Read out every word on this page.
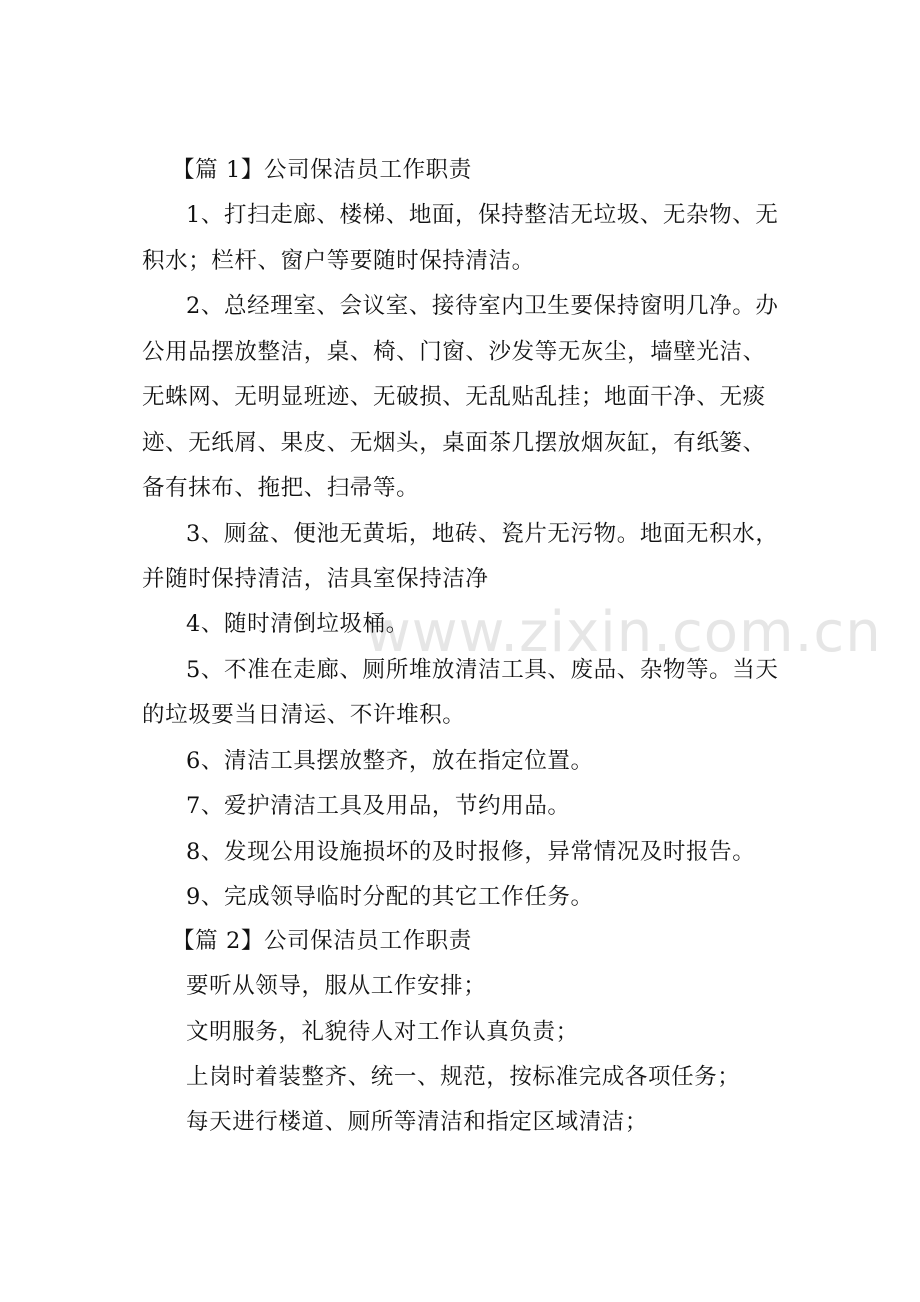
www.zixin.com.cn
【篇 1】公司保洁员工作职责
1、打扫走廊、楼梯、地面，保持整洁无垃圾、无杂物、无
积水；栏杆、窗户等要随时保持清洁。
2、总经理室、会议室、接待室内卫生要保持窗明几净。办
公用品摆放整洁，桌、椅、门窗、沙发等无灰尘，墙壁光洁、
无蛛网、无明显班迹、无破损、无乱贴乱挂；地面干净、无痰
迹、无纸屑、果皮、无烟头，桌面茶几摆放烟灰缸，有纸篓、
备有抹布、拖把、扫帚等。
3、厕盆、便池无黄垢，地砖、瓷片无污物。地面无积水，
并随时保持清洁，洁具室保持洁净
4、随时清倒垃圾桶。
5、不准在走廊、厕所堆放清洁工具、废品、杂物等。当天
的垃圾要当日清运、不许堆积。
6、清洁工具摆放整齐，放在指定位置。
7、爱护清洁工具及用品，节约用品。
8、发现公用设施损坏的及时报修，异常情况及时报告。
9、完成领导临时分配的其它工作任务。
【篇 2】公司保洁员工作职责
要听从领导，服从工作安排；
文明服务，礼貌待人对工作认真负责；
上岗时着装整齐、统一、规范，按标准完成各项任务；
每天进行楼道、厕所等清洁和指定区域清洁；
